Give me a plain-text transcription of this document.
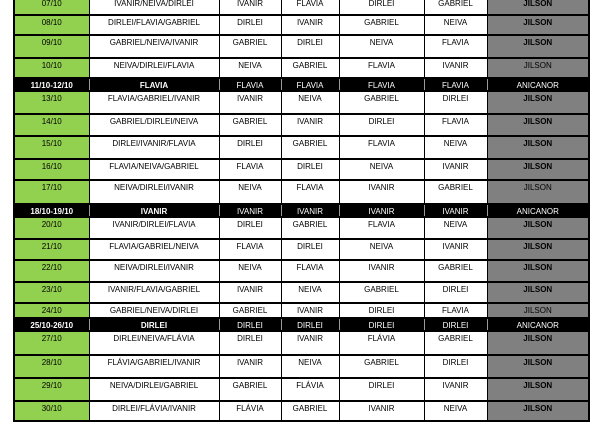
07/10	IVANIR/NEIVA/DIRLEI	IVANIR	FLAVIA	DIRLEI	GABRIEL	JILSON
08/10	DIRLEI/FLAVIA/GABRIEL	DIRLEI	IVANIR	GABRIEL	NEIVA	JILSON
09/10	GABRIEL/NEIVA/IVANIR	GABRIEL	DIRLEI	NEIVA	FLAVIA	JILSON
10/10	NEIVA/DIRLEI/FLAVIA	NEIVA	GABRIEL	FLAVIA	IVANIR	JILSON
11/10-12/10	FLAVIA	FLAVIA	FLAVIA	FLAVIA	FLAVIA	ANICANOR
13/10	FLAVIA/GABRIEL/IVANIR	IVANIR	NEIVA	GABRIEL	DIRLEI	JILSON
14/10	GABRIEL/DIRLEI/NEIVA	GABRIEL	IVANIR	DIRLEI	FLAVIA	JILSON
15/10	DIRLEI/IVANIR/FLAVIA	DIRLEI	GABRIEL	FLAVIA	NEIVA	JILSON
16/10	FLAVIA/NEIVA/GABRIEL	FLAVIA	DIRLEI	NEIVA	IVANIR	JILSON
17/10	NEIVA/DIRLEI/IVANIR	NEIVA	FLAVIA	IVANIR	GABRIEL	JILSON
18/10-19/10	IVANIR	IVANIR	IVANIR	IVANIR	IVANIR	ANICANOR
20/10	IVANIR/DIRLEI/FLAVIA	DIRLEI	GABRIEL	FLAVIA	NEIVA	JILSON
21/10	FLAVIA/GABRIEL/NEIVA	FLAVIA	DIRLEI	NEIVA	IVANIR	JILSON
22/10	NEIVA/DIRLEI/IVANIR	NEIVA	FLAVIA	IVANIR	GABRIEL	JILSON
23/10	IVANIR/FLAVIA/GABRIEL	IVANIR	NEIVA	GABRIEL	DIRLEI	JILSON
24/10	GABRIEL/NEIVA/DIRLEI	GABRIEL	IVANIR	DIRLEI	FLAVIA	JILSON
25/10-26/10	DIRLEI	DIRLEI	DIRLEI	DIRLEI	DIRLEI	ANICANOR
27/10	DIRLEI/NEIVA/FLÁVIA	DIRLEI	IVANIR	FLÁVIA	GABRIEL	JILSON
28/10	FLÁVIA/GABRIEL/IVANIR	IVANIR	NEIVA	GABRIEL	DIRLEI	JILSON
29/10	NEIVA/DIRLEI/GABRIEL	GABRIEL	FLÁVIA	DIRLEI	IVANIR	JILSON
30/10	DIRLEI/FLÁVIA/IVANIR	FLÁVIA	GABRIEL	IVANIR	NEIVA	JILSON
